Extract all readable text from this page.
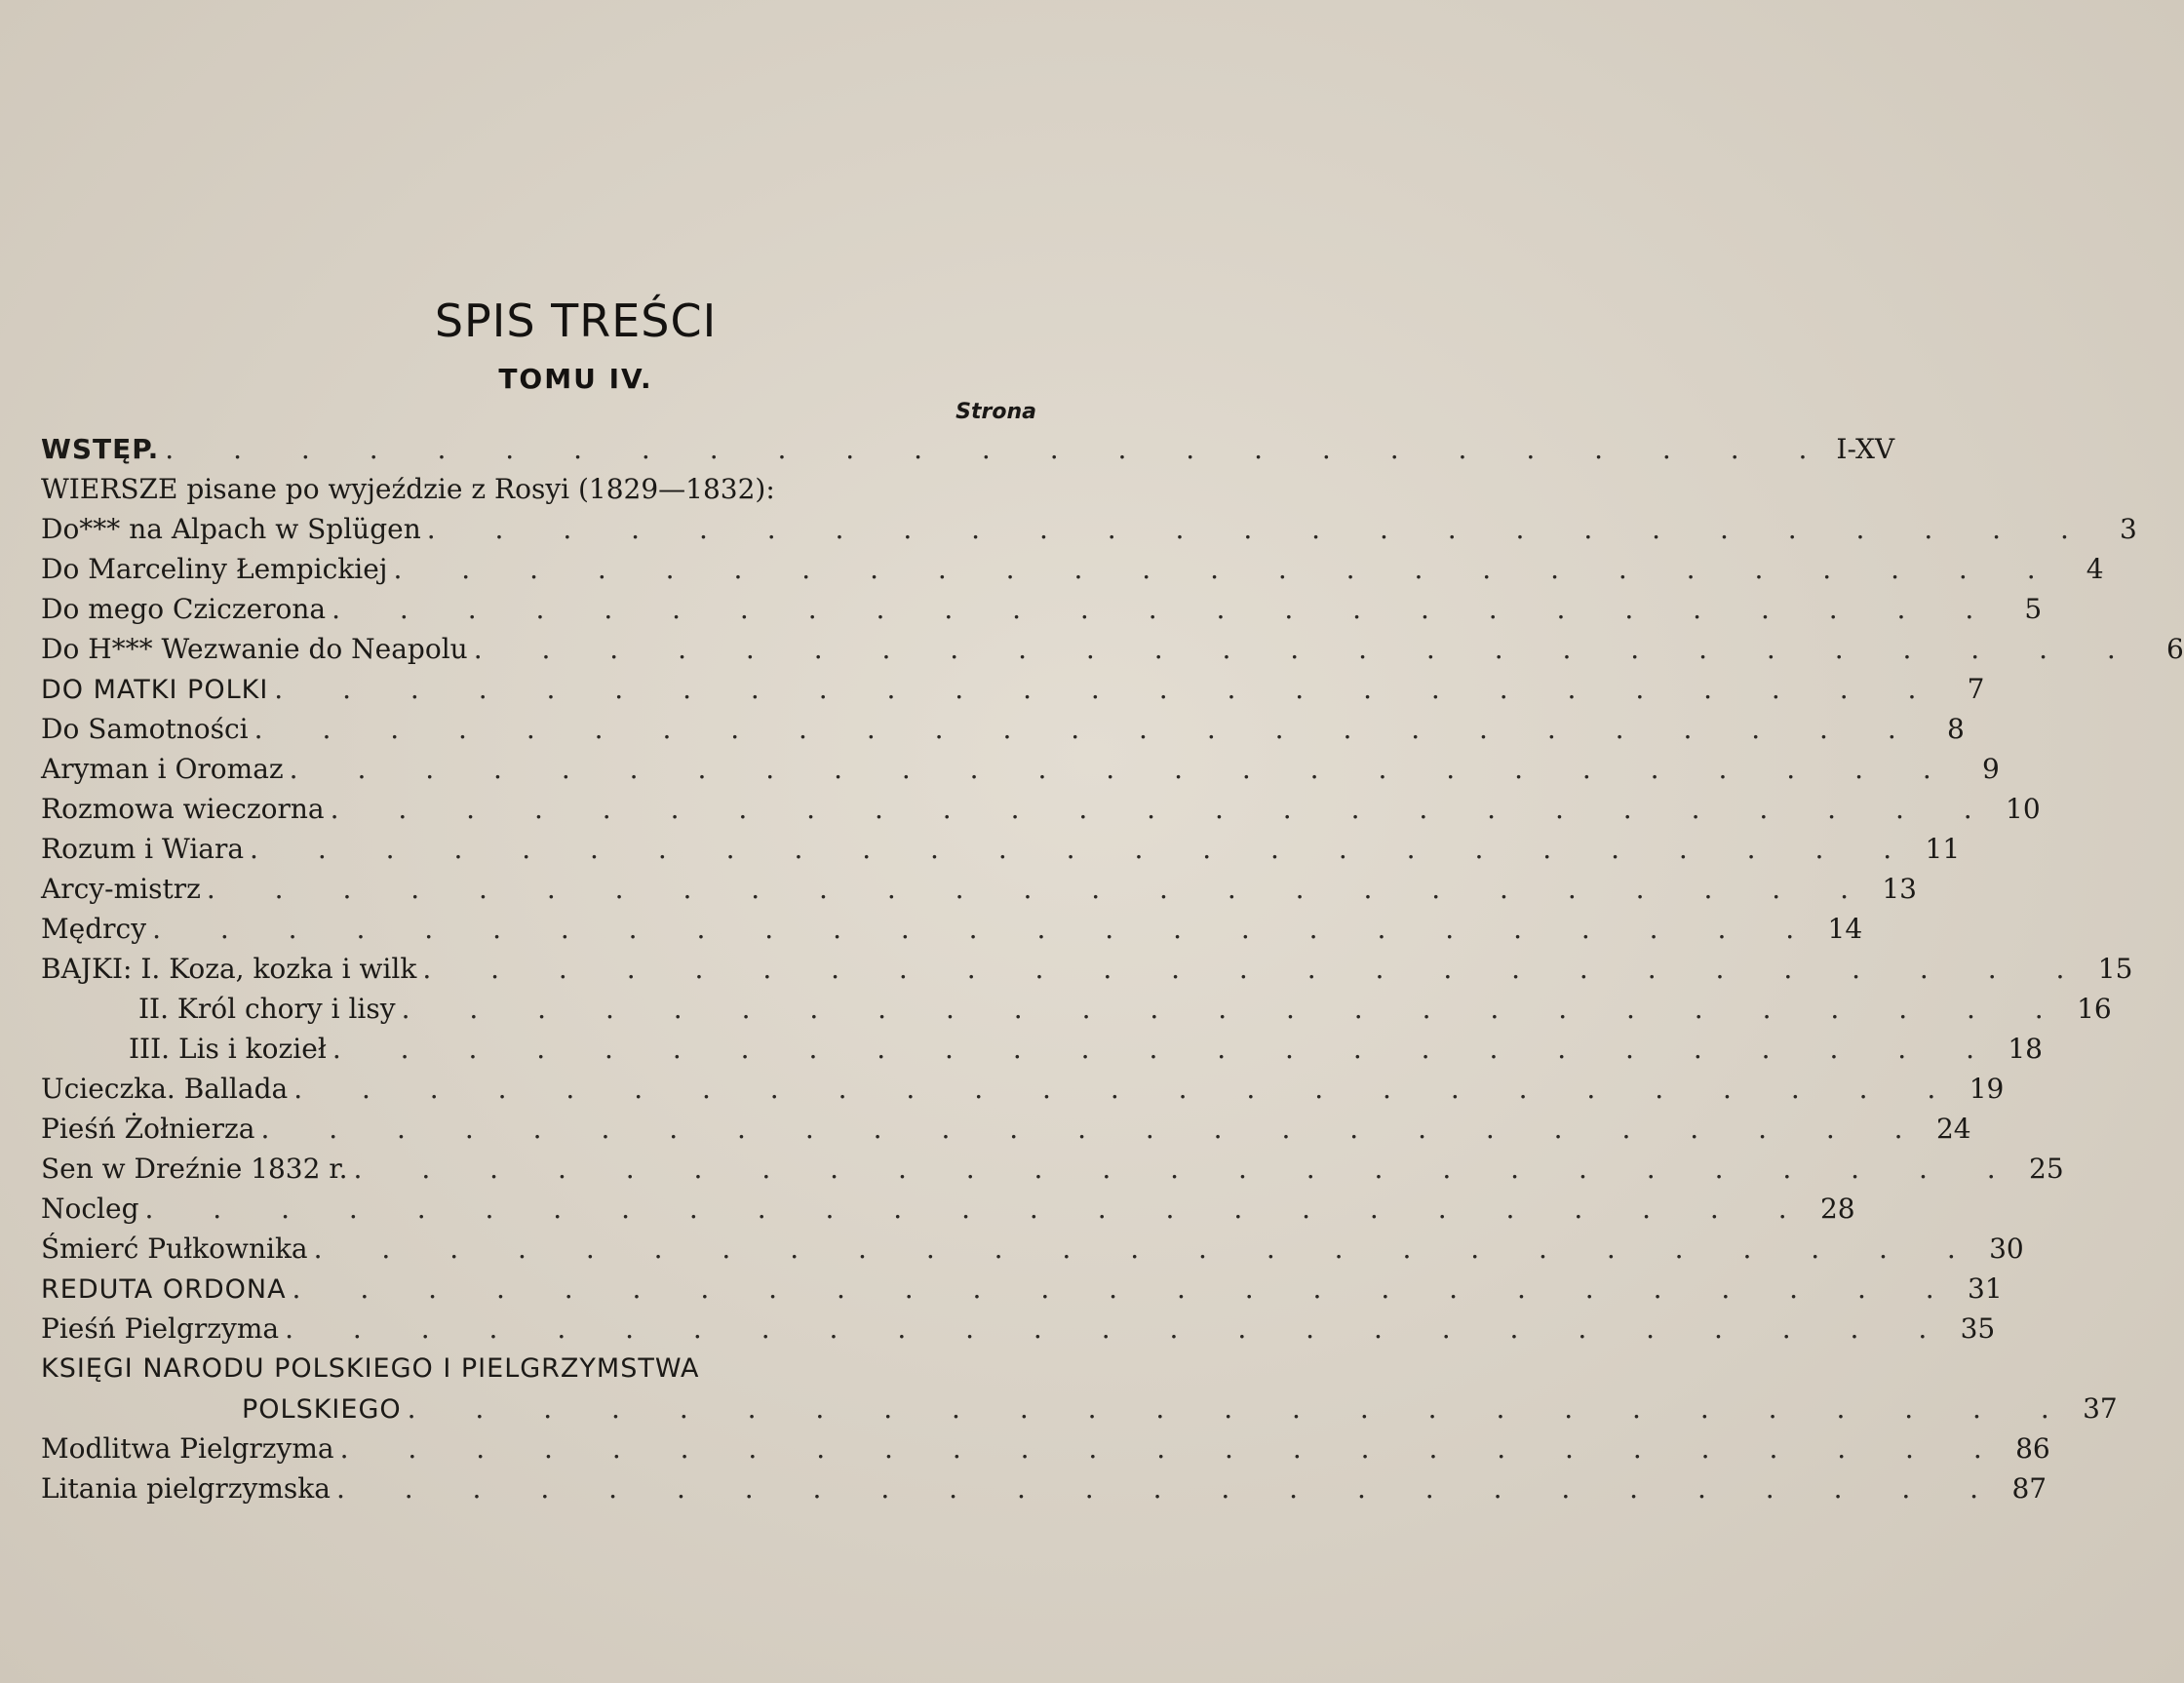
SPIS TREŚCI
TOMU IV.
Strona
WSTĘP. . . . . . . . . . . . . . . . . . . . . . . . . . I-XV
WIERSZE pisane po wyjeździe z Rosyi (1829—1832):
Do*** na Alpach w Splügen . . . . . . . . . . . . . . . . . . . . . . . . . 3
Do Marceliny Łempickiej . . . . . . . . . . . . . . . . . . . . . . . . . 4
Do mego Cziczerona . . . . . . . . . . . . . . . . . . . . . . . . . 5
Do H*** Wezwanie do Neapolu . . . . . . . . . . . . . . . . . . . . . . . . . 6
DO MATKI POLKI . . . . . . . . . . . . . . . . . . . . . . . . . 7
Do Samotności . . . . . . . . . . . . . . . . . . . . . . . . . 8
Aryman i Oromaz . . . . . . . . . . . . . . . . . . . . . . . . . 9
Rozmowa wieczorna . . . . . . . . . . . . . . . . . . . . . . . . . 10
Rozum i Wiara . . . . . . . . . . . . . . . . . . . . . . . . . 11
Arcy-mistrz . . . . . . . . . . . . . . . . . . . . . . . . . 13
Mędrcy . . . . . . . . . . . . . . . . . . . . . . . . . 14
BAJKI: I. Koza, kozka i wilk . . . . . . . . . . . . . . . . . . . . . . . . . 15
II. Król chory i lisy . . . . . . . . . . . . . . . . . . . . . . . . . 16
III. Lis i kozieł . . . . . . . . . . . . . . . . . . . . . . . . . 18
Ucieczka. Ballada . . . . . . . . . . . . . . . . . . . . . . . . . 19
Pieśń Żołnierza . . . . . . . . . . . . . . . . . . . . . . . . . 24
Sen w Dreźnie 1832 r. . . . . . . . . . . . . . . . . . . . . . . . . . 25
Nocleg . . . . . . . . . . . . . . . . . . . . . . . . . 28
Śmierć Pułkownika . . . . . . . . . . . . . . . . . . . . . . . . . 30
REDUTA ORDONA . . . . . . . . . . . . . . . . . . . . . . . . . 31
Pieśń Pielgrzyma . . . . . . . . . . . . . . . . . . . . . . . . . 35
KSIĘGI NARODU POLSKIEGO I PIELGRZYMSTWA
POLSKIEGO . . . . . . . . . . . . . . . . . . . . . . . . . 37
Modlitwa Pielgrzyma . . . . . . . . . . . . . . . . . . . . . . . . . 86
Litania pielgrzymska . . . . . . . . . . . . . . . . . . . . . . . . . 87
